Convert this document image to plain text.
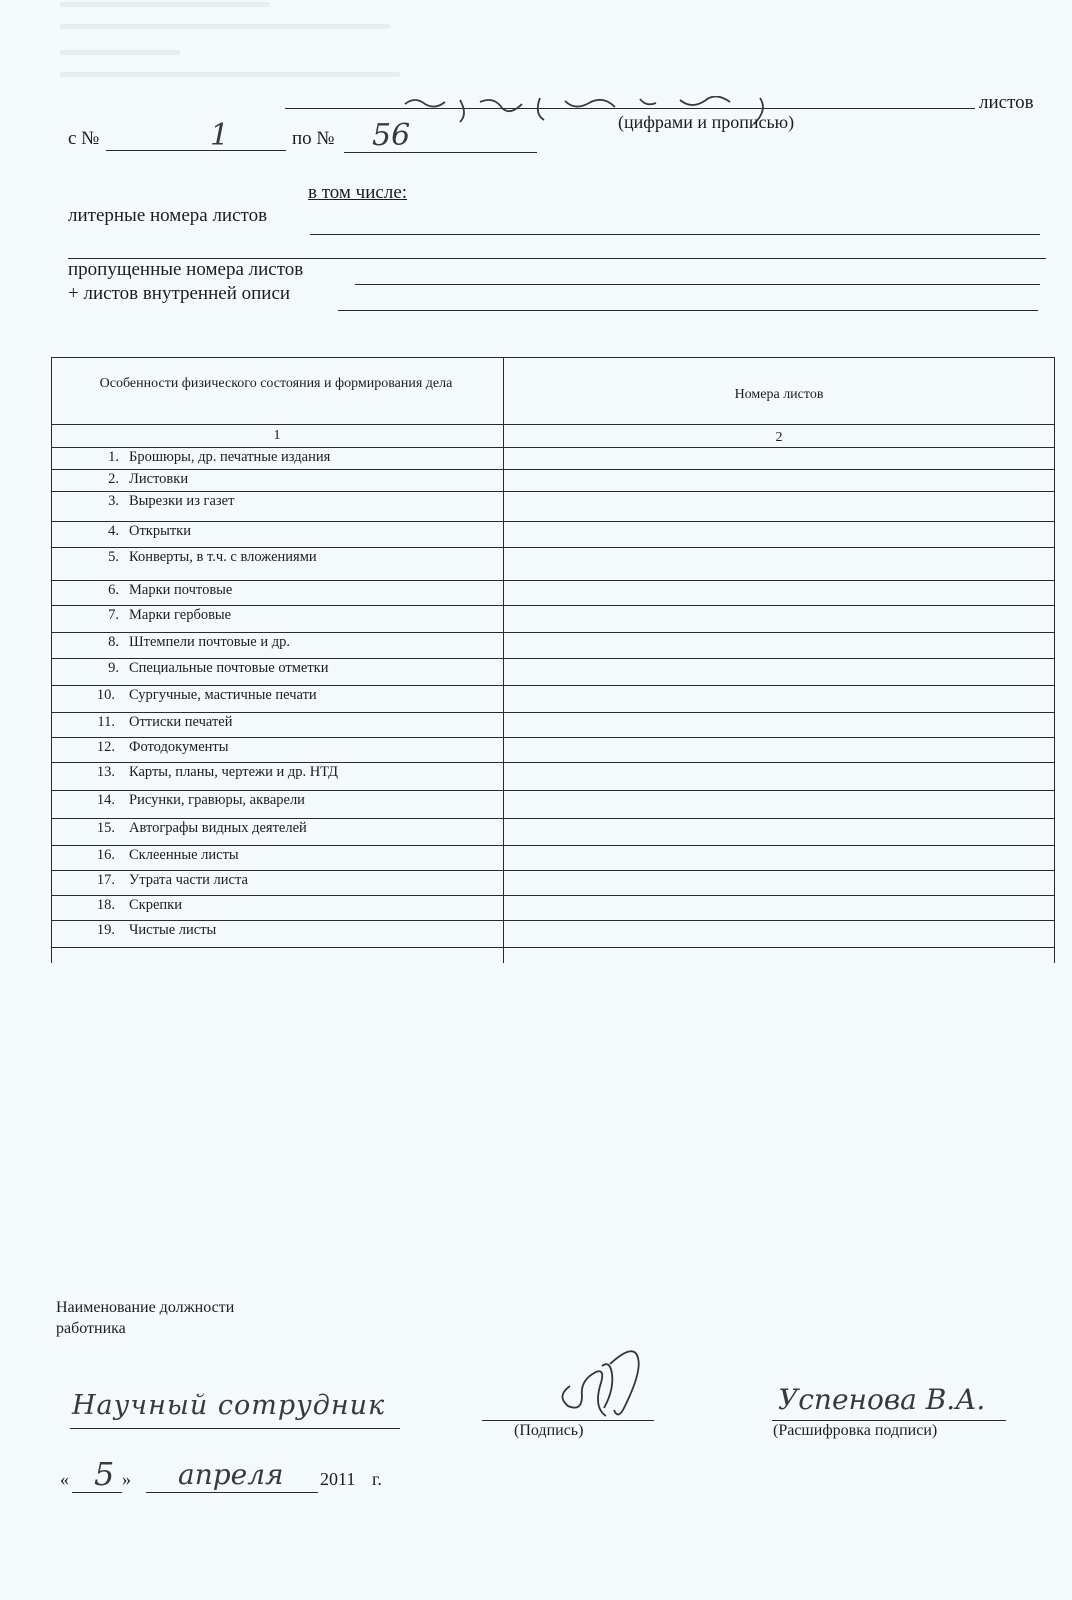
листов
(цифрами и прописью)
с №	1	по № 56
в том числе:
литерные номера листов
пропущенные номера листов
+ листов внутренней описи
Особенности физического состояния и формирования дела
Номера листов
1	2
1. Брошюры, др. печатные издания
2. Листовки
3. Вырезки из газет
4. Открытки
5. Конверты, в т.ч. с вложениями
6. Марки почтовые
7. Марки гербовые
8. Штемпели почтовые и др.
9. Специальные почтовые отметки
10. Сургучные, мастичные печати
11. Оттиски печатей
12. Фотодокументы
13. Карты, планы, чертежи и др. НТД
14. Рисунки, гравюры, акварели
15. Автографы видных деятелей
16. Склеенные листы
17. Утрата части листа
18. Скрепки
19. Чистые листы
Наименование должности
работника
Научный сотрудник
(Подпись)
Успенова В.А.
(Расшифровка подписи)
« 5 » апреля 2011 г.
